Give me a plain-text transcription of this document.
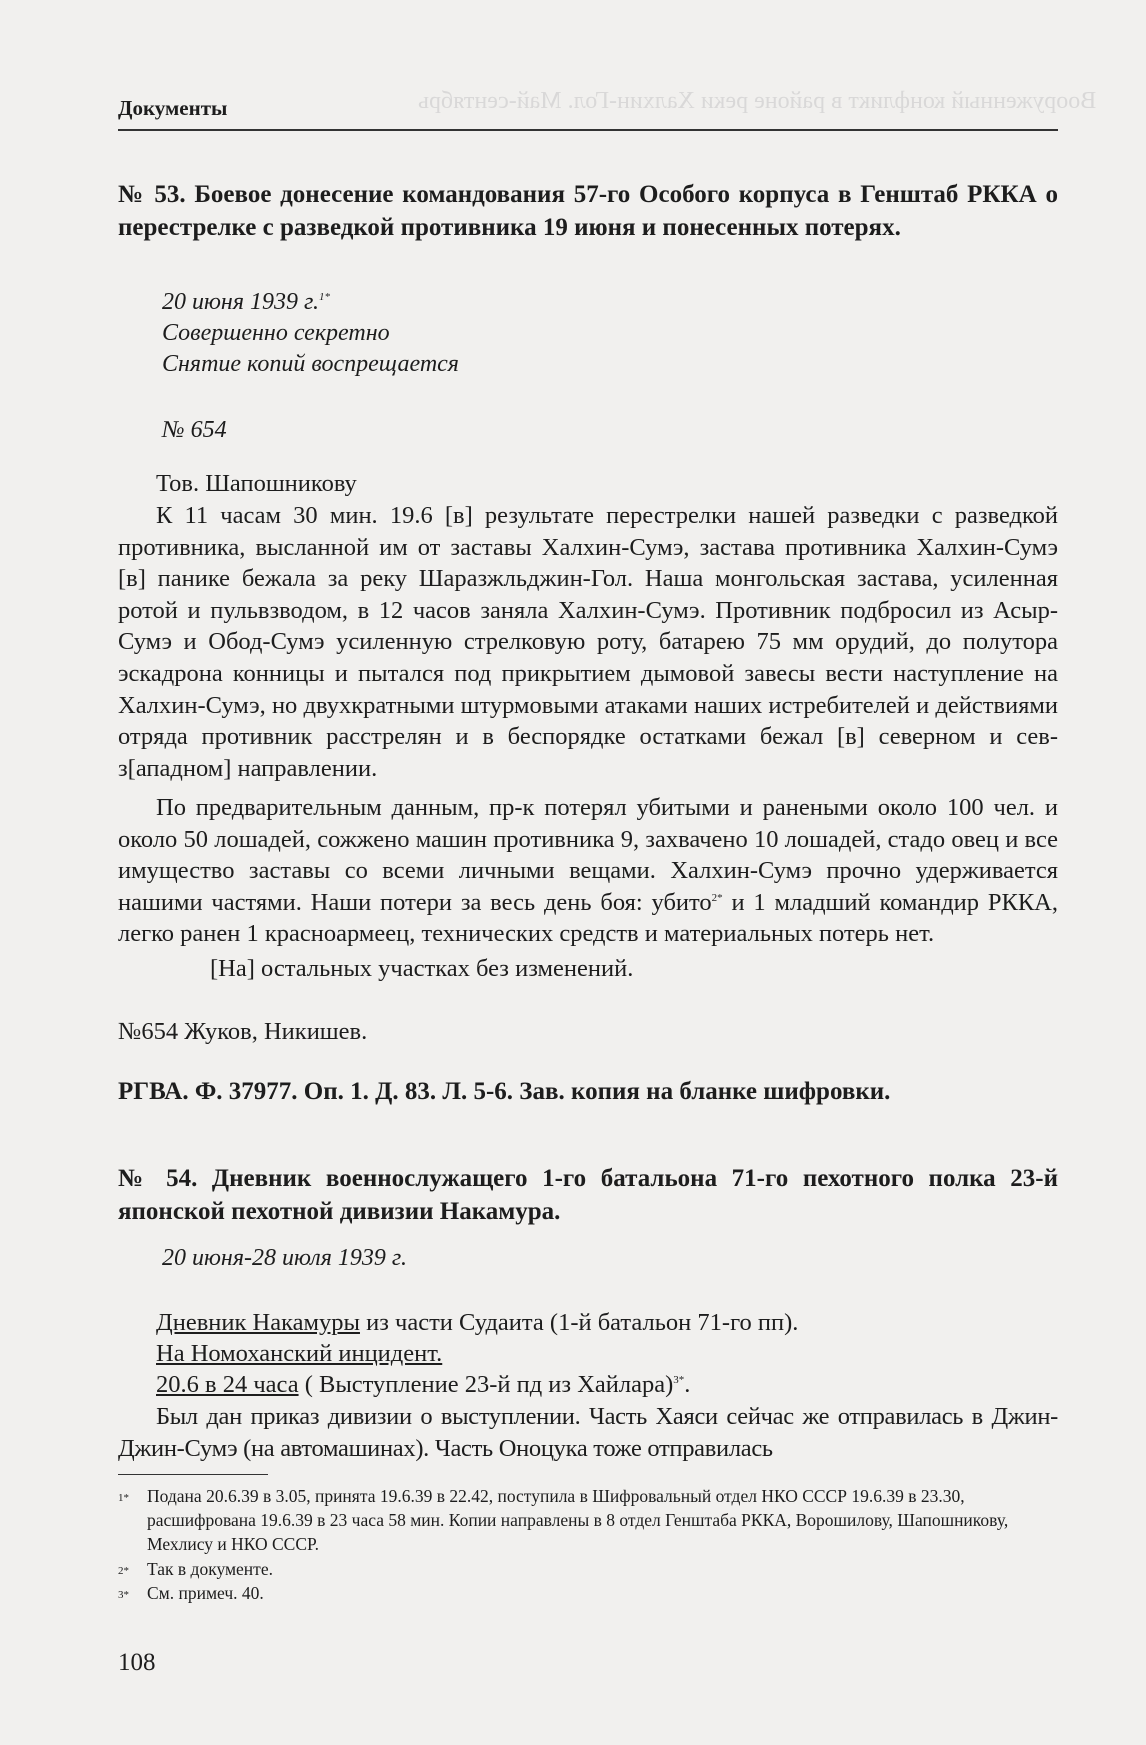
Вооруженный конфликт в районе реки Халхин-Гол. Май-сентябрь
Документы
№ 53. Боевое донесение командования 57-го Особого корпуса в Генштаб РККА о перестрелке с разведкой противника 19 июня и понесенных потерях.
20 июня 1939 г.$^{1*}$
Совершенно секретно
Снятие копий воспрещается
№ 654
Тов. Шапошникову
К 11 часам 30 мин. 19.6 [в] результате перестрелки нашей разведки с разведкой противника, высланной им от заставы Халхин-Сумэ, застава противника Халхин-Сумэ [в] панике бежала за реку Шаразжльджин-Гол. Наша монгольская застава, усиленная ротой и пульвзводом, в 12 часов заняла Халхин-Сумэ. Противник подбросил из Асыр-Сумэ и Обод-Сумэ усиленную стрелковую роту, батарею 75 мм орудий, до полутора эскадрона конницы и пытался под прикрытием дымовой завесы вести наступление на Халхин-Сумэ, но двухкратными штурмовыми атаками наших истребителей и действиями отряда противник расстрелян и в беспорядке остатками бежал [в] северном и сев-з[ападном] направлении.
По предварительным данным, пр-к потерял убитыми и ранеными около 100 чел. и около 50 лошадей, сожжено машин противника 9, захвачено 10 лошадей, стадо овец и все имущество заставы со всеми личными вещами. Халхин-Сумэ прочно удерживается нашими частями. Наши потери за весь день боя: убито$^{2*}$ и 1 младший командир РККА, легко ранен 1 красноармеец, технических средств и материальных потерь нет.
[На] остальных участках без изменений.
№654 Жуков, Никишев.
РГВА. Ф. 37977. Оп. 1. Д. 83. Л. 5-6. Зав. копия на бланке шифровки.
№ 54. Дневник военнослужащего 1-го батальона 71-го пехотного полка 23-й японской пехотной дивизии Накамура.
20 июня-28 июля 1939 г.
Дневник Накамуры из части Судаита (1-й батальон 71-го пп).
На Номоханский инцидент.
20.6 в 24 часа ( Выступление 23-й пд из Хайлара)$^{3*}$.
Был дан приказ дивизии о выступлении. Часть Хаяси сейчас же отправилась в Джин-Джин-Сумэ (на автомашинах). Часть Оноцука тоже отправилась
1* Подана 20.6.39 в 3.05, принята 19.6.39 в 22.42, поступила в Шифровальный отдел НКО СССР 19.6.39 в 23.30, расшифрована 19.6.39 в 23 часа 58 мин. Копии направлены в 8 отдел Генштаба РККА, Ворошилову, Шапошникову, Мехлису и НКО СССР.
2* Так в документе.
3* См. примеч. 40.
108
